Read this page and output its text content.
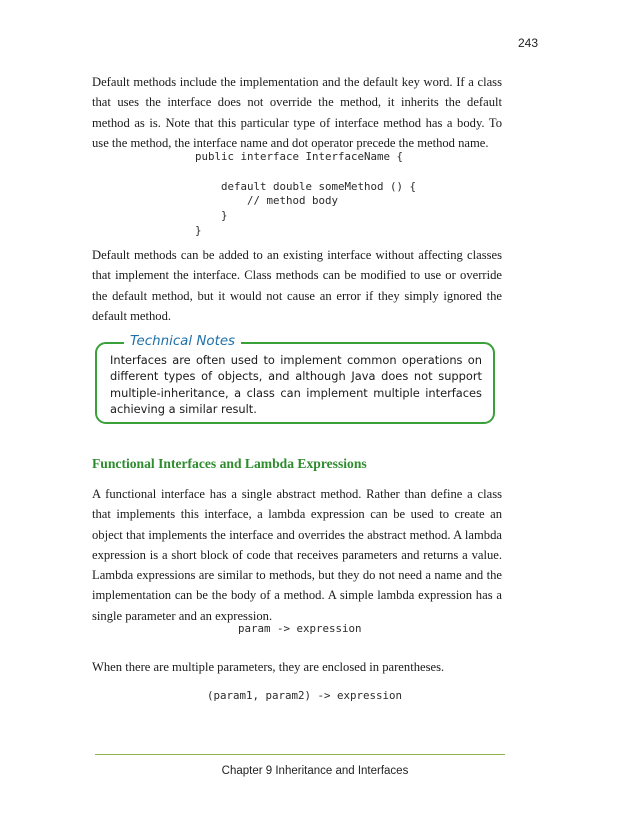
243

Default methods include the implementation and the default key word. If a class that uses the interface does not override the method, it inherits the default method as is. Note that this particular type of interface method has a body. To use the method, the interface name and dot operator precede the method name.

public interface InterfaceName {

default double someMethod () {
// method body
}
}

Default methods can be added to an existing interface without affecting classes that implement the interface. Class methods can be modified to use or override the default method, but it would not cause an error if they simply ignored the default method.

Technical Notes

Interfaces are often used to implement common operations on different types of objects, and although Java does not support multiple-inheritance, a class can implement multiple interfaces achieving a similar result.

Functional Interfaces and Lambda Expressions

A functional interface has a single abstract method. Rather than define a class that implements this interface, a lambda expression can be used to create an object that implements the interface and overrides the abstract method. A lambda expression is a short block of code that receives parameters and returns a value. Lambda expressions are similar to methods, but they do not need a name and the implementation can be the body of a method. A simple lambda expression has a single parameter and an expression.

param -> expression

When there are multiple parameters, they are enclosed in parentheses.

(param1, param2) -> expression
Chapter 9 Inheritance and Interfaces
